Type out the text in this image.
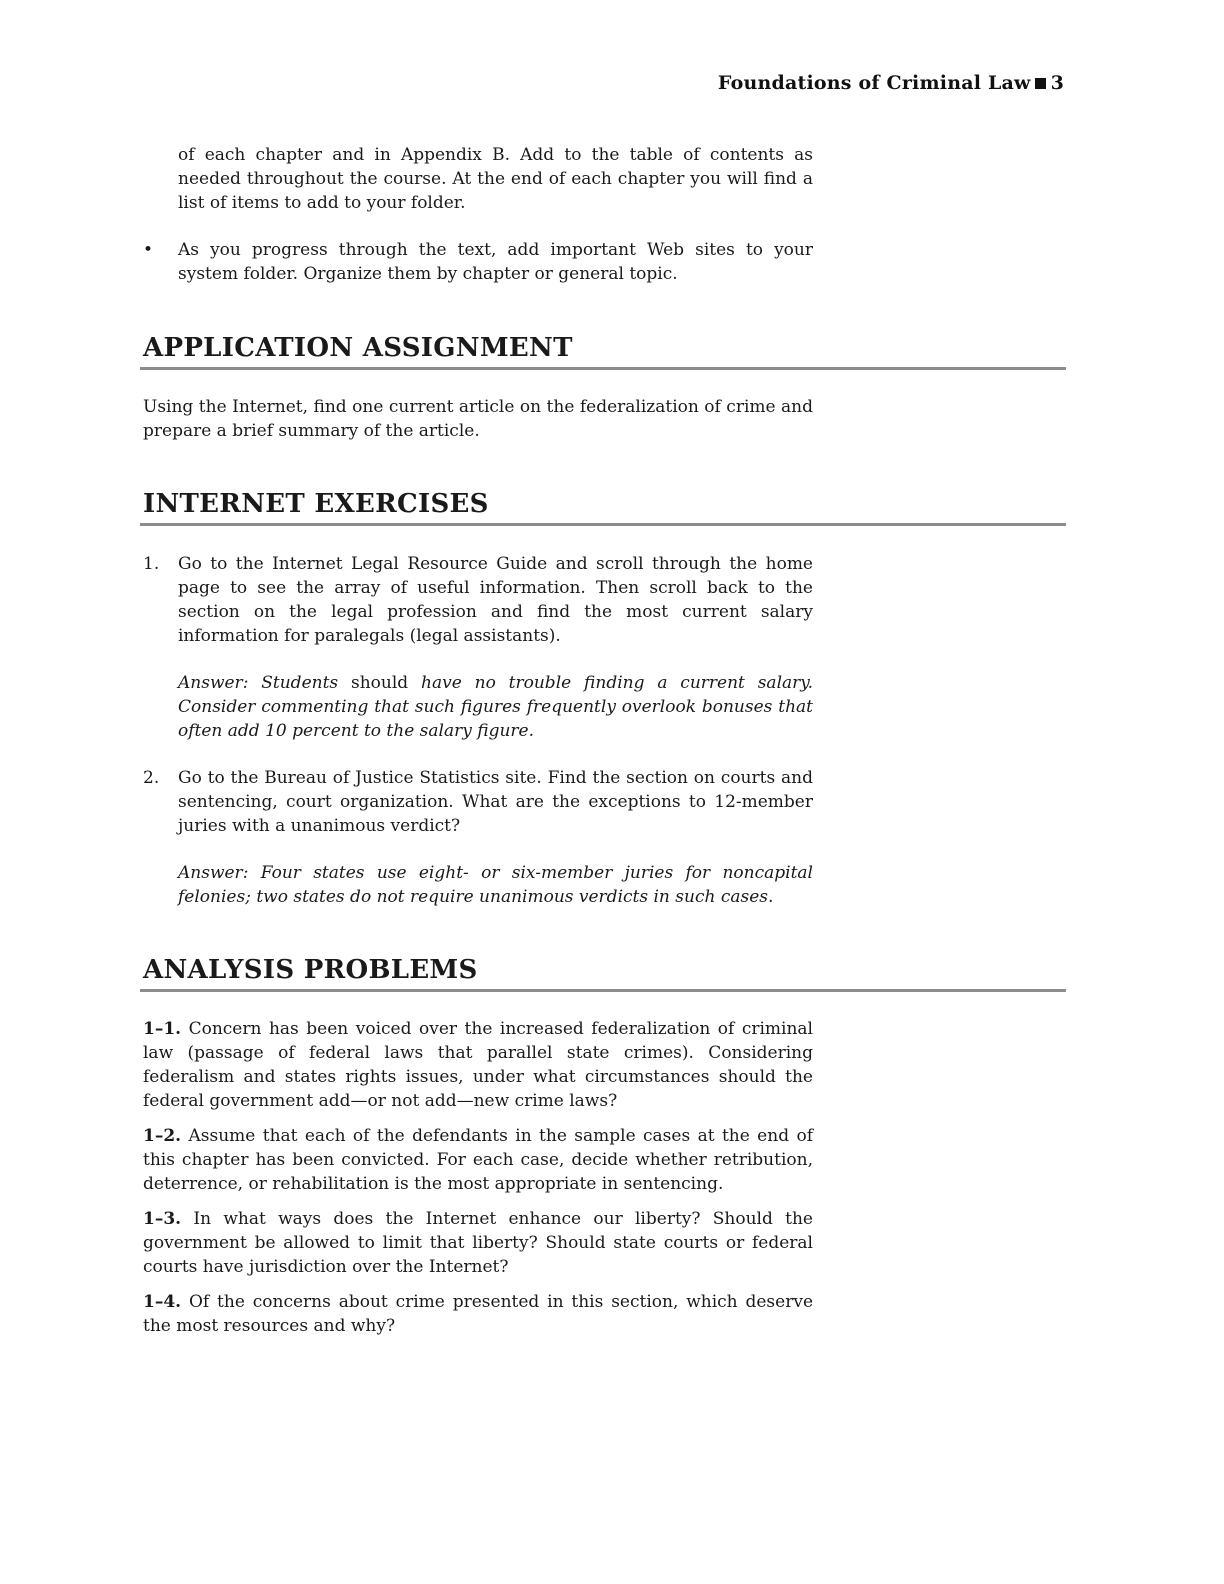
Foundations of Criminal Law 3

of each chapter and in Appendix B. Add to the table of contents as needed throughout the course. At the end of each chapter you will find a list of items to add to your folder.

• As you progress through the text, add important Web sites to your system folder. Organize them by chapter or general topic.

APPLICATION ASSIGNMENT

Using the Internet, find one current article on the federalization of crime and prepare a brief summary of the article.

INTERNET EXERCISES
1. Go to the Internet Legal Resource Guide and scroll through the home page to see the array of useful information. Then scroll back to the section on the legal profession and find the most current salary information for paralegals (legal assistants).

Answer: Students should have no trouble finding a current salary. Consider commenting that such figures frequently overlook bonuses that often add 10 percent to the salary figure.

2. Go to the Bureau of Justice Statistics site. Find the section on courts and sentencing, court organization. What are the exceptions to 12-member juries with a unanimous verdict?

Answer: Four states use eight- or six-member juries for noncapital felonies; two states do not require unanimous verdicts in such cases.

ANALYSIS PROBLEMS

1–1. Concern has been voiced over the increased federalization of criminal law (passage of federal laws that parallel state crimes). Considering federalism and states rights issues, under what circumstances should the federal government add—or not add—new crime laws?

1–2. Assume that each of the defendants in the sample cases at the end of this chapter has been convicted. For each case, decide whether retribution, deterrence, or rehabilitation is the most appropriate in sentencing.

1–3. In what ways does the Internet enhance our liberty? Should the government be allowed to limit that liberty? Should state courts or federal courts have jurisdiction over the Internet?

1–4. Of the concerns about crime presented in this section, which deserve the most resources and why?
